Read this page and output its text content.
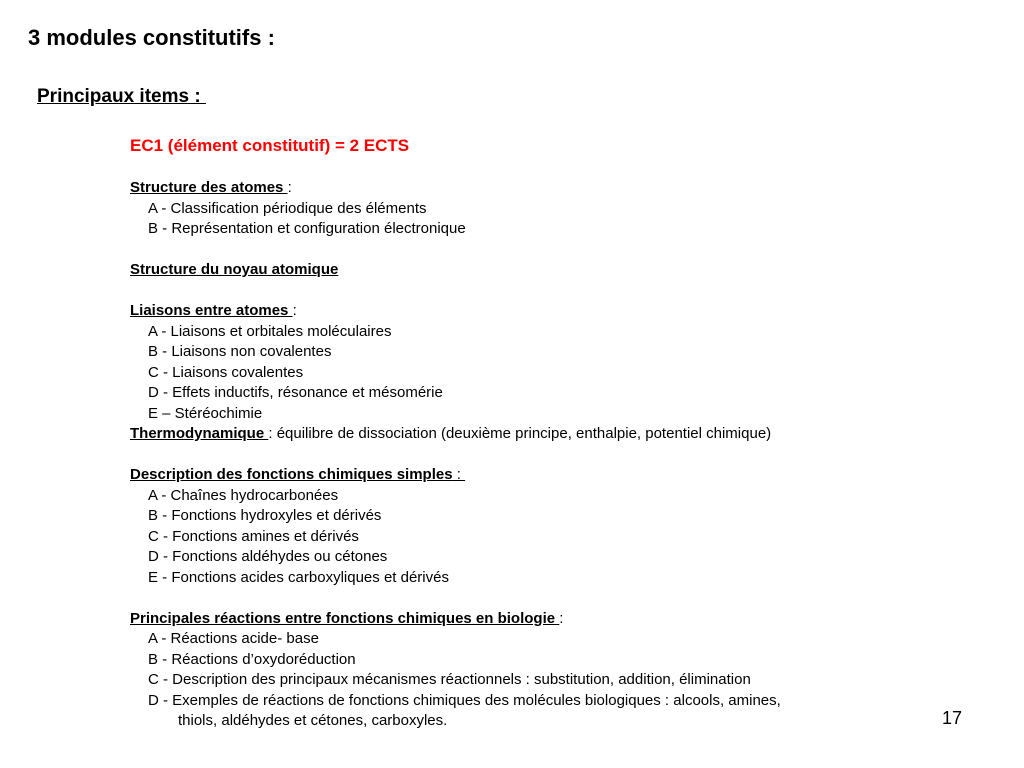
3 modules constitutifs :
Principaux items :
EC1 (élément constitutif) = 2 ECTS
Structure des atomes :
A - Classification périodique des éléments
B - Représentation et configuration électronique
Structure du noyau atomique
Liaisons entre atomes :
A - Liaisons et orbitales moléculaires
B - Liaisons non covalentes
C - Liaisons covalentes
D - Effets inductifs, résonance et mésomérie
E – Stéréochimie
Thermodynamique : équilibre de dissociation (deuxième principe, enthalpie, potentiel chimique)
Description des fonctions chimiques simples :
A - Chaînes hydrocarbonées
B - Fonctions hydroxyles et dérivés
C - Fonctions amines et dérivés
D - Fonctions aldéhydes ou cétones
E - Fonctions acides carboxyliques et dérivés
Principales réactions entre fonctions chimiques en biologie :
A - Réactions acide- base
B - Réactions d’oxydoréduction
C - Description des principaux mécanismes réactionnels : substitution, addition, élimination
D - Exemples de réactions de fonctions chimiques des molécules biologiques : alcools, amines,
thiols, aldéhydes et cétones, carboxyles.	17
